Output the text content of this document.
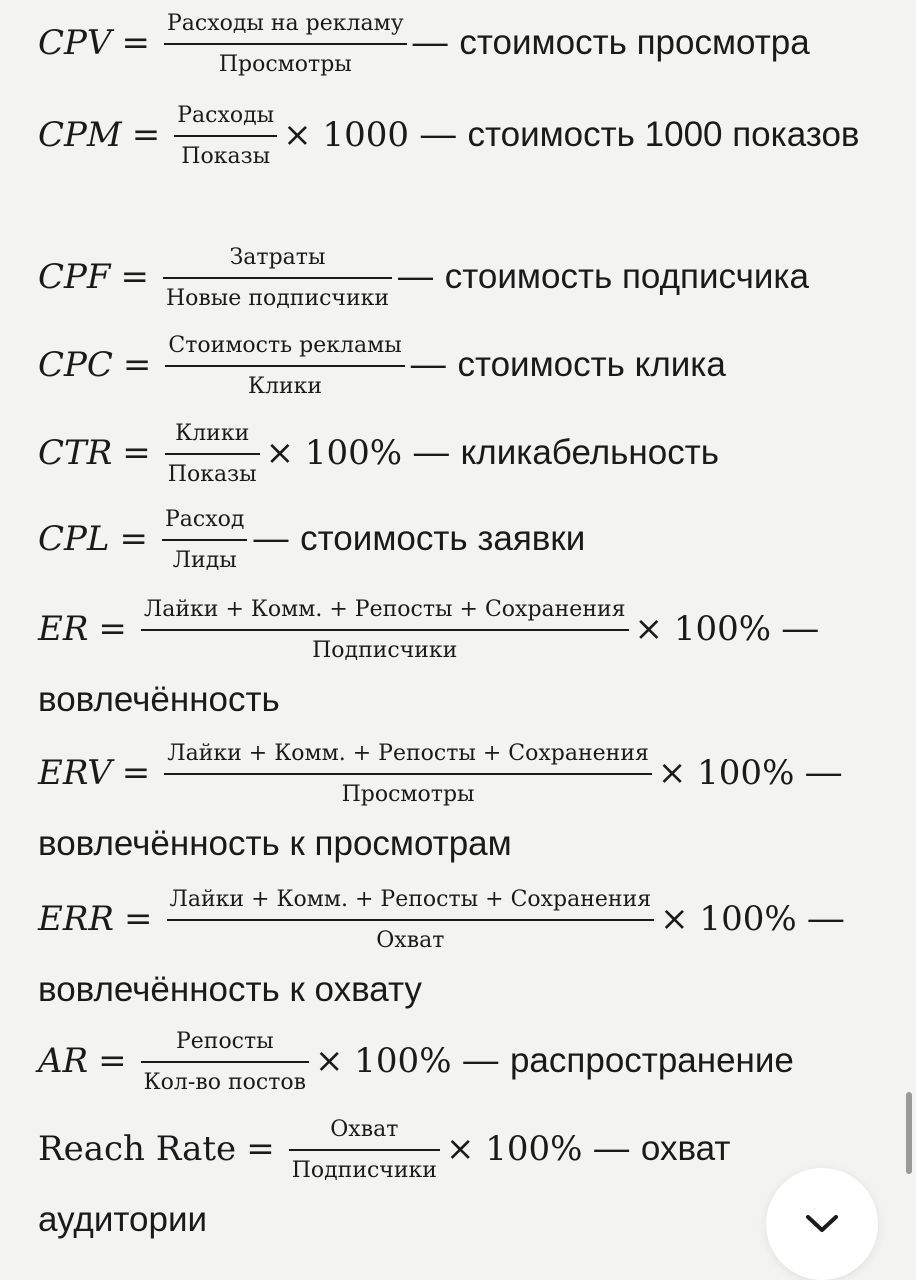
CPV = $\frac{\text{Расходы на рекламу}}{\text{Просмотры}}$ — стоимость просмотра
CPM = $\frac{\text{Расходы}}{\text{Показы}} \times 1000$ — стоимость 1000 показов
CPF = $\frac{\text{Затраты}}{\text{Новые подписчики}}$ — стоимость подписчика
CPC = $\frac{\text{Стоимость рекламы}}{\text{Клики}}$ — стоимость клика
CTR = $\frac{\text{Клики}}{\text{Показы}} \times 100\%$ — кликабельность
CPL = $\frac{\text{Расход}}{\text{Лиды}}$ — стоимость заявки
ER = $\frac{\text{Лайки + Комм. + Репосты + Сохранения}}{\text{Подписчики}} \times 100\%$ — вовлечённость
ERV = $\frac{\text{Лайки + Комм. + Репосты + Сохранения}}{\text{Просмотры}} \times 100\%$ — вовлечённость к просмотрам
ERR = $\frac{\text{Лайки + Комм. + Репосты + Сохранения}}{\text{Охват}} \times 100\%$ — вовлечённость к охвату
AR = $\frac{\text{Репосты}}{\text{Кол-во постов}} \times 100\%$ — распространение
Reach Rate = $\frac{\text{Охват}}{\text{Подписчики}} \times 100\%$ — охват аудитории
